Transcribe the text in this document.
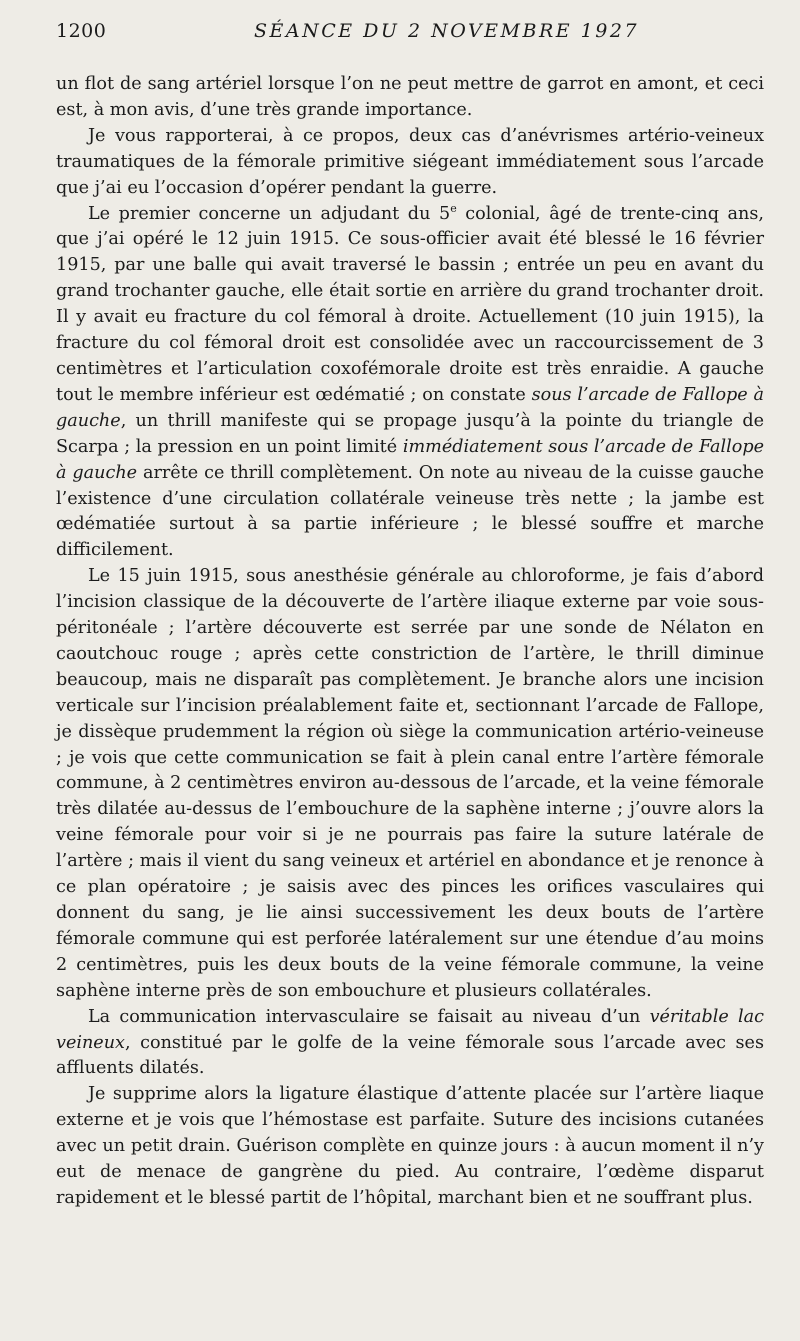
1200	SÉANCE DU 2 NOVEMBRE 1927

un flot de sang artériel lorsque l’on ne peut mettre de garrot en amont, et ceci est, à mon avis, d’une très grande importance.

Je vous rapporterai, à ce propos, deux cas d’anévrismes artério-veineux traumatiques de la fémorale primitive siégeant immédiatement sous l’arcade que j’ai eu l’occasion d’opérer pendant la guerre.

Le premier concerne un adjudant du 5e colonial, âgé de trente-cinq ans, que j’ai opéré le 12 juin 1915. Ce sous-officier avait été blessé le 16 février 1915, par une balle qui avait traversé le bassin ; entrée un peu en avant du grand trochanter gauche, elle était sortie en arrière du grand trochanter droit. Il y avait eu fracture du col fémoral à droite. Actuellement (10 juin 1915), la fracture du col fémoral droit est consolidée avec un raccourcissement de 3 centimètres et l’articulation coxofémorale droite est très enraidie. A gauche tout le membre inférieur est œdématié ; on constate sous l’arcade de Fallope à gauche, un thrill manifeste qui se propage jusqu’à la pointe du triangle de Scarpa ; la pression en un point limité immédiatement sous l’arcade de Fallope à gauche arrête ce thrill complètement. On note au niveau de la cuisse gauche l’existence d’une circulation collatérale veineuse très nette ; la jambe est œdématiée surtout à sa partie inférieure ; le blessé souffre et marche difficilement.

Le 15 juin 1915, sous anesthésie générale au chloroforme, je fais d’abord l’incision classique de la découverte de l’artère iliaque externe par voie sous-péritonéale ; l’artère découverte est serrée par une sonde de Nélaton en caoutchouc rouge ; après cette constriction de l’artère, le thrill diminue beaucoup, mais ne disparaît pas complètement. Je branche alors une incision verticale sur l’incision préalablement faite et, sectionnant l’arcade de Fallope, je dissèque prudemment la région où siège la communication artério-veineuse ; je vois que cette communication se fait à plein canal entre l’artère fémorale commune, à 2 centimètres environ au-dessous de l’arcade, et la veine fémorale très dilatée au-dessus de l’embouchure de la saphène interne ; j’ouvre alors la veine fémorale pour voir si je ne pourrais pas faire la suture latérale de l’artère ; mais il vient du sang veineux et artériel en abondance et je renonce à ce plan opératoire ; je saisis avec des pinces les orifices vasculaires qui donnent du sang, je lie ainsi successivement les deux bouts de l’artère fémorale commune qui est perforée latéralement sur une étendue d’au moins 2 centimètres, puis les deux bouts de la veine fémorale commune, la veine saphène interne près de son embouchure et plusieurs collatérales.

La communication intervasculaire se faisait au niveau d’un véritable lac veineux, constitué par le golfe de la veine fémorale sous l’arcade avec ses affluents dilatés.

Je supprime alors la ligature élastique d’attente placée sur l’artère liaque externe et je vois que l’hémostase est parfaite. Suture des incisions cutanées avec un petit drain. Guérison complète en quinze jours : à aucun moment il n’y eut de menace de gangrène du pied. Au contraire, l’œdème disparut rapidement et le blessé partit de l’hôpital, marchant bien et ne souffrant plus.
